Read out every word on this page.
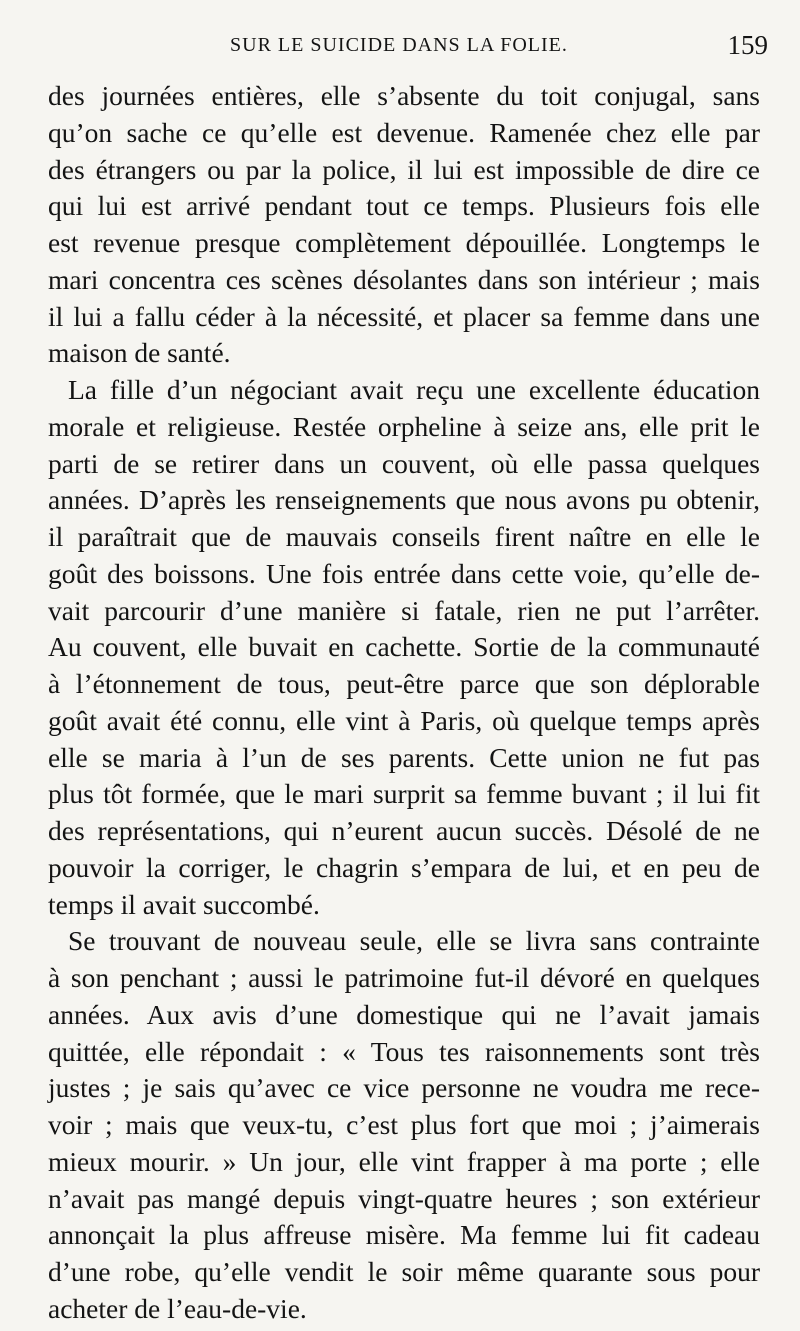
SUR LE SUICIDE DANS LA FOLIE.	159
des journées entières, elle s’absente du toit conjugal, sans
qu’on sache ce qu’elle est devenue. Ramenée chez elle par
des étrangers ou par la police, il lui est impossible de dire ce
qui lui est arrivé pendant tout ce temps. Plusieurs fois elle
est revenue presque complètement dépouillée. Longtemps le
mari concentra ces scènes désolantes dans son intérieur ; mais
il lui a fallu céder à la nécessité, et placer sa femme dans une
maison de santé.
La fille d’un négociant avait reçu une excellente éducation
morale et religieuse. Restée orpheline à seize ans, elle prit le
parti de se retirer dans un couvent, où elle passa quelques
années. D’après les renseignements que nous avons pu obtenir,
il paraîtrait que de mauvais conseils firent naître en elle le
goût des boissons. Une fois entrée dans cette voie, qu’elle de-
vait parcourir d’une manière si fatale, rien ne put l’arrêter.
Au couvent, elle buvait en cachette. Sortie de la communauté
à l’étonnement de tous, peut-être parce que son déplorable
goût avait été connu, elle vint à Paris, où quelque temps après
elle se maria à l’un de ses parents. Cette union ne fut pas
plus tôt formée, que le mari surprit sa femme buvant ; il lui fit
des représentations, qui n’eurent aucun succès. Désolé de ne
pouvoir la corriger, le chagrin s’empara de lui, et en peu de
temps il avait succombé.
Se trouvant de nouveau seule, elle se livra sans contrainte
à son penchant ; aussi le patrimoine fut-il dévoré en quelques
années. Aux avis d’une domestique qui ne l’avait jamais
quittée, elle répondait : « Tous tes raisonnements sont très
justes ; je sais qu’avec ce vice personne ne voudra me rece-
voir ; mais que veux-tu, c’est plus fort que moi ; j’aimerais
mieux mourir. » Un jour, elle vint frapper à ma porte ; elle
n’avait pas mangé depuis vingt-quatre heures ; son extérieur
annonçait la plus affreuse misère. Ma femme lui fit cadeau
d’une robe, qu’elle vendit le soir même quarante sous pour
acheter de l’eau-de-vie.
